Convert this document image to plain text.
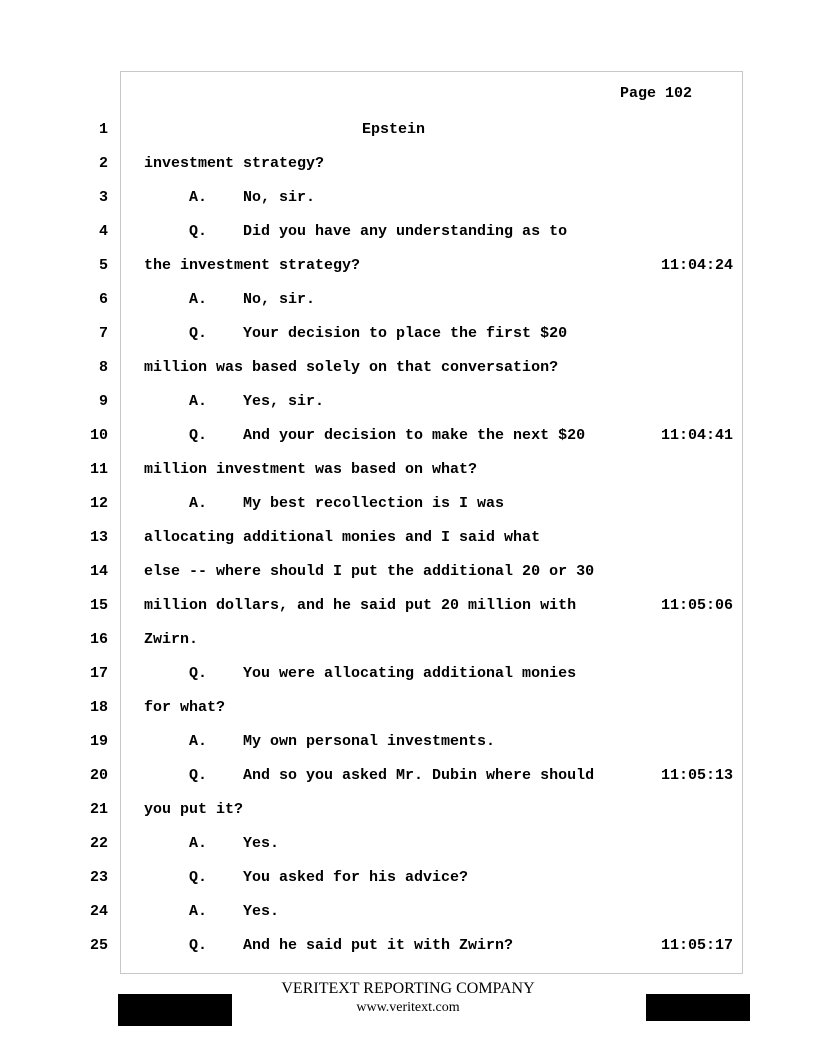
Page 102
1	Epstein
2 investment strategy?
3 A.    No, sir.
4 Q.    Did you have any understanding as to
5 the investment strategy?	11:04:24
6 A.    No, sir.
7 Q.    Your decision to place the first $20
8 million was based solely on that conversation?
9 A.    Yes, sir.
10 Q.    And your decision to make the next $20	11:04:41
11 million investment was based on what?
12 A.    My best recollection is I was
13 allocating additional monies and I said what
14 else -- where should I put the additional 20 or 30
15 million dollars, and he said put 20 million with	11:05:06
16 Zwirn.
17 Q.    You were allocating additional monies
18 for what?
19 A.    My own personal investments.
20 Q.    And so you asked Mr. Dubin where should	11:05:13
21 you put it?
22 A.    Yes.
23 Q.    You asked for his advice?
24 A.    Yes.
25 Q.    And he said put it with Zwirn?	11:05:17
VERITEXT REPORTING COMPANY
www.veritext.com
